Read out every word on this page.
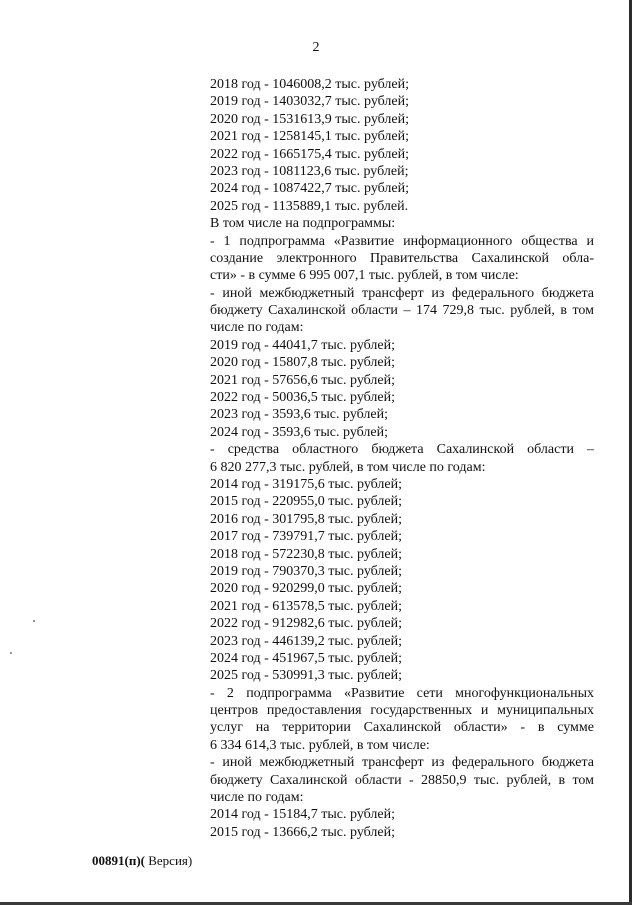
2
2018 год - 1046008,2 тыс. рублей;
2019 год - 1403032,7 тыс. рублей;
2020 год - 1531613,9 тыс. рублей;
2021 год - 1258145,1 тыс. рублей;
2022 год - 1665175,4 тыс. рублей;
2023 год - 1081123,6 тыс. рублей;
2024 год - 1087422,7 тыс. рублей;
2025 год - 1135889,1 тыс. рублей.
В том числе на подпрограммы:
- 1 подпрограмма «Развитие информационного общества и
создание электронного Правительства Сахалинской обла-
сти» - в сумме 6 995 007,1 тыс. рублей, в том числе:
- иной межбюджетный трансферт из федерального бюджета
бюджету Сахалинской области – 174 729,8 тыс. рублей, в том
числе по годам:
2019 год - 44041,7 тыс. рублей;
2020 год - 15807,8 тыс. рублей;
2021 год - 57656,6 тыс. рублей;
2022 год - 50036,5 тыс. рублей;
2023 год - 3593,6 тыс. рублей;
2024 год - 3593,6 тыс. рублей;
- средства областного бюджета Сахалинской области –
6 820 277,3 тыс. рублей, в том числе по годам:
2014 год - 319175,6 тыс. рублей;
2015 год - 220955,0 тыс. рублей;
2016 год - 301795,8 тыс. рублей;
2017 год - 739791,7 тыс. рублей;
2018 год - 572230,8 тыс. рублей;
2019 год - 790370,3 тыс. рублей;
2020 год - 920299,0 тыс. рублей;
2021 год - 613578,5 тыс. рублей;
2022 год - 912982,6 тыс. рублей;
2023 год - 446139,2 тыс. рублей;
2024 год - 451967,5 тыс. рублей;
2025 год - 530991,3 тыс. рублей;
- 2 подпрограмма «Развитие сети многофункциональных
центров предоставления государственных и муниципальных
услуг на территории Сахалинской области» - в сумме
6 334 614,3 тыс. рублей, в том числе:
- иной межбюджетный трансферт из федерального бюджета
бюджету Сахалинской области - 28850,9 тыс. рублей, в том
числе по годам:
2014 год - 15184,7 тыс. рублей;
2015 год - 13666,2 тыс. рублей;
00891(п)( Версия)
